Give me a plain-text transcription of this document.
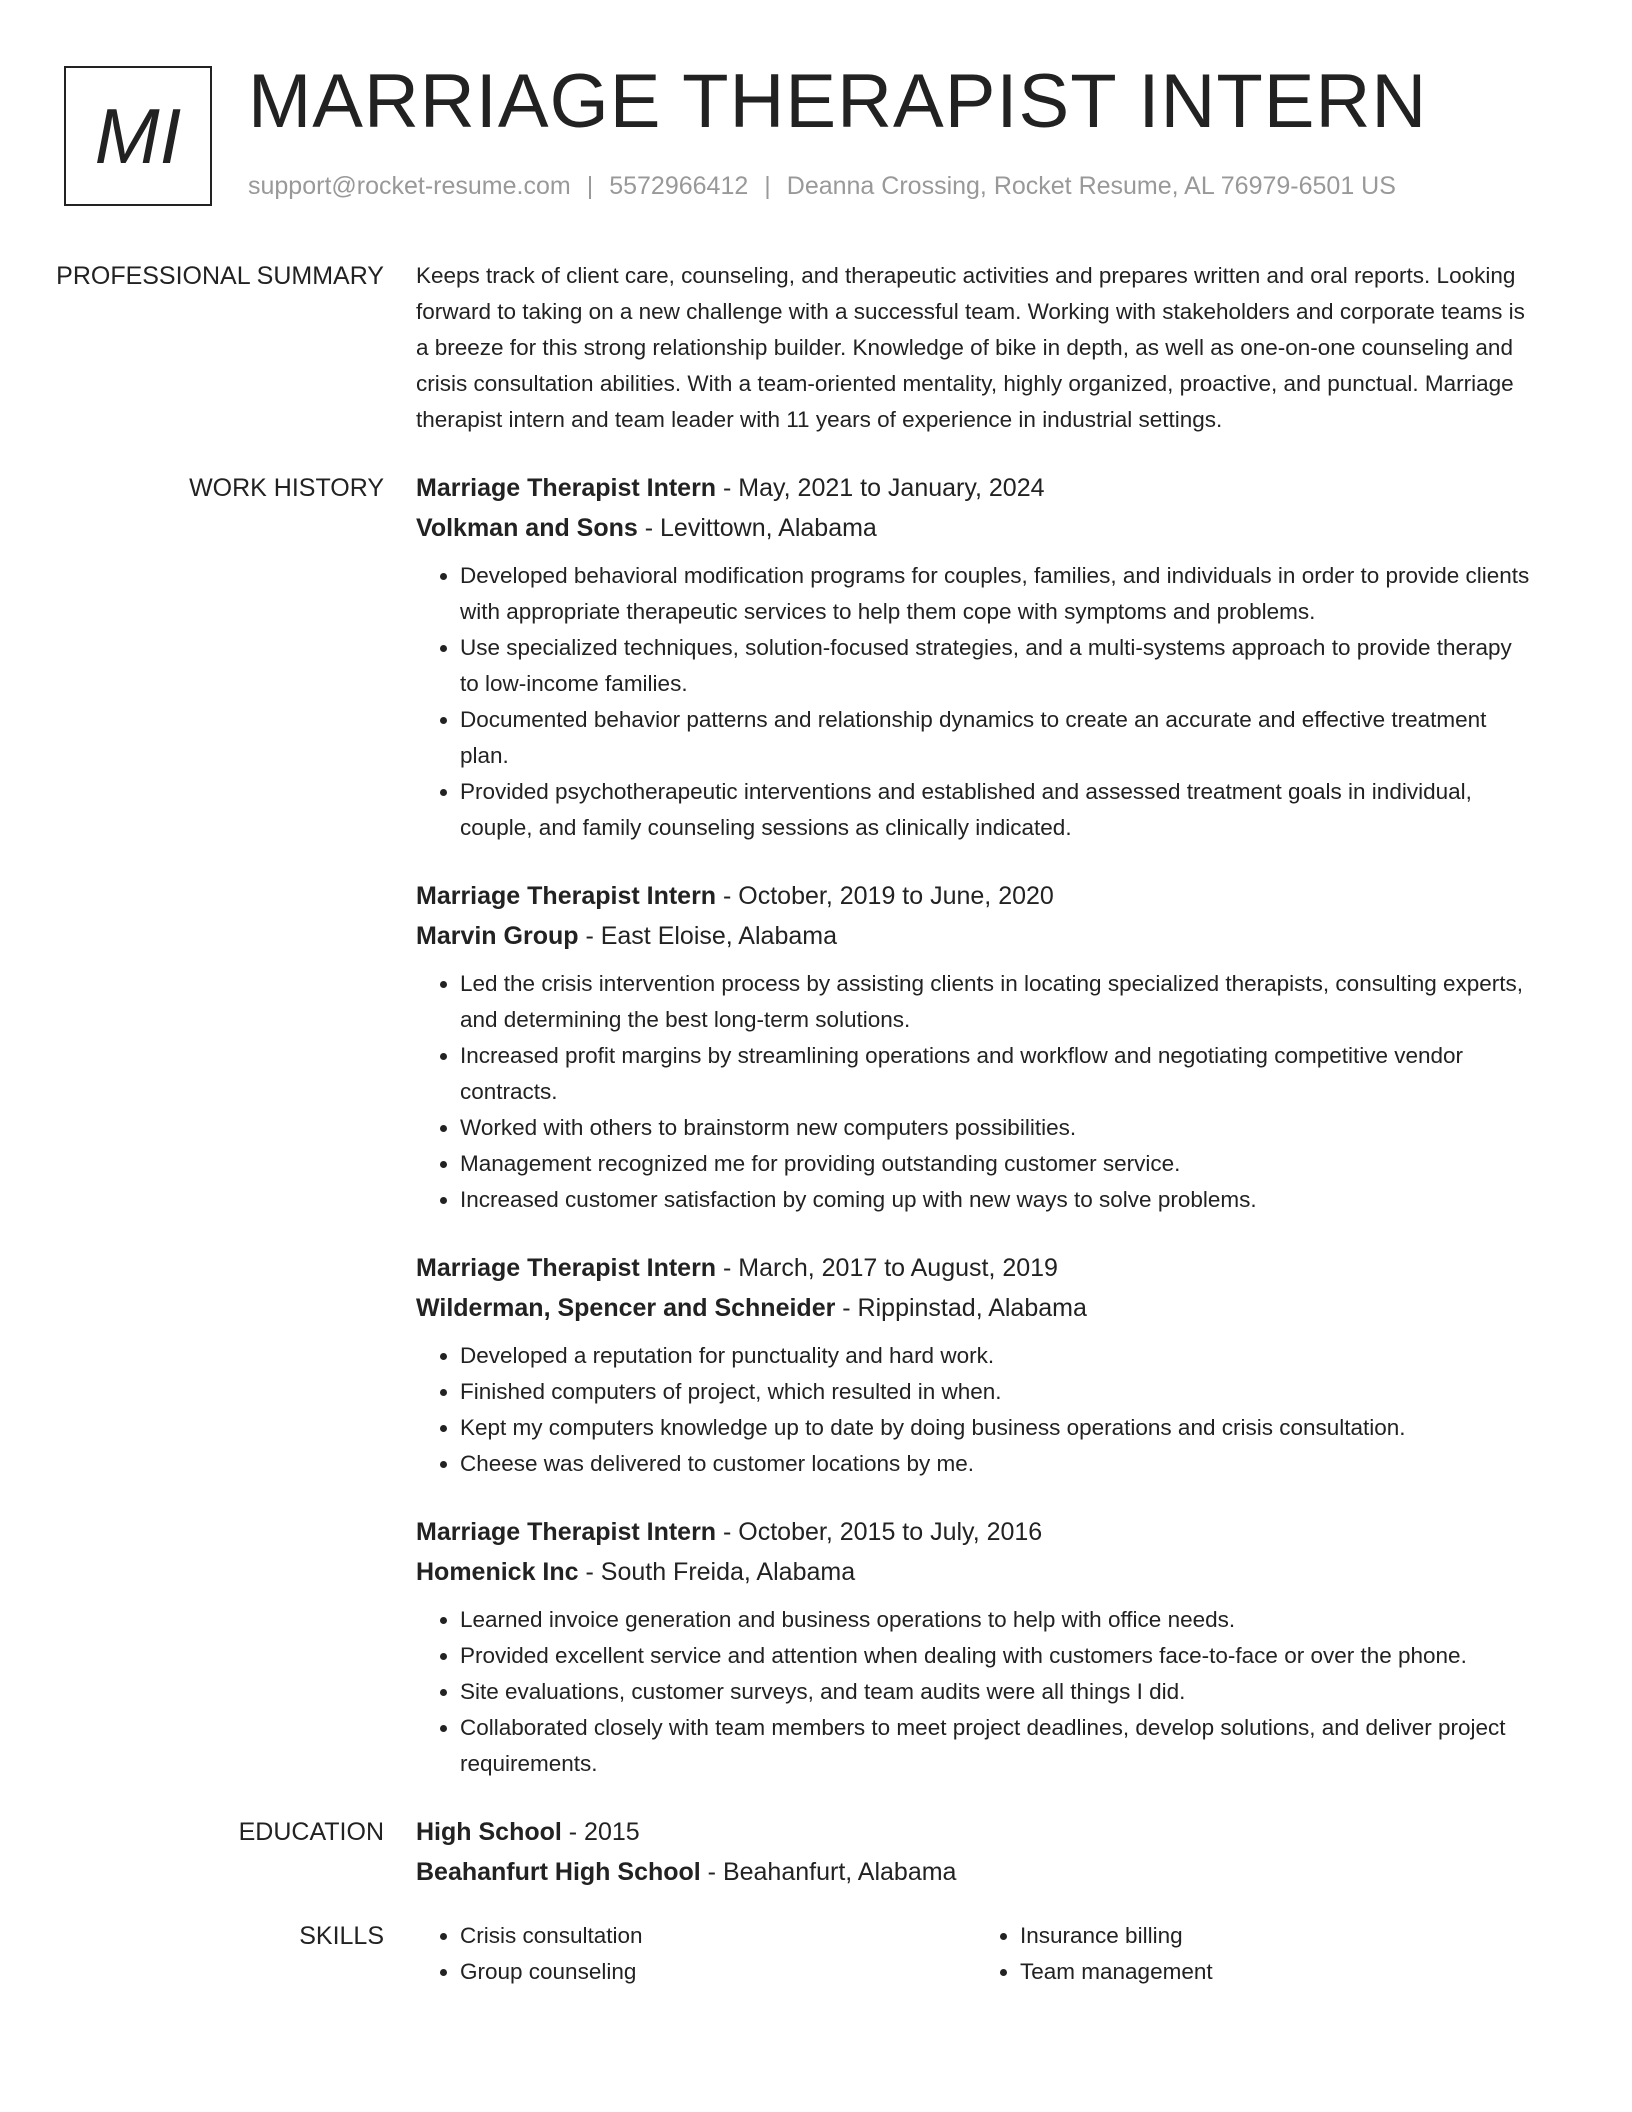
MI MARRIAGE THERAPIST INTERN
support@rocket-resume.com | 5572966412 | Deanna Crossing, Rocket Resume, AL 76979-6501 US
PROFESSIONAL SUMMARY	Keeps track of client care, counseling, and therapeutic activities and prepares written and oral reports. Looking forward to taking on a new challenge with a successful team. Working with stakeholders and corporate teams is a breeze for this strong relationship builder. Knowledge of bike in depth, as well as one-on-one counseling and crisis consultation abilities. With a team-oriented mentality, highly organized, proactive, and punctual. Marriage therapist intern and team leader with 11 years of experience in industrial settings.

WORK HISTORY	Marriage Therapist Intern - May, 2021 to January, 2024
Volkman and Sons - Levittown, Alabama
• Developed behavioral modification programs for couples, families, and individuals in order to provide clients with appropriate therapeutic services to help them cope with symptoms and problems.
• Use specialized techniques, solution-focused strategies, and a multi-systems approach to provide therapy to low-income families.
• Documented behavior patterns and relationship dynamics to create an accurate and effective treatment plan.
• Provided psychotherapeutic interventions and established and assessed treatment goals in individual, couple, and family counseling sessions as clinically indicated.
Marriage Therapist Intern - October, 2019 to June, 2020
Marvin Group - East Eloise, Alabama
• Led the crisis intervention process by assisting clients in locating specialized therapists, consulting experts, and determining the best long-term solutions.
• Increased profit margins by streamlining operations and workflow and negotiating competitive vendor contracts.
• Worked with others to brainstorm new computers possibilities.
• Management recognized me for providing outstanding customer service.
• Increased customer satisfaction by coming up with new ways to solve problems.
Marriage Therapist Intern - March, 2017 to August, 2019
Wilderman, Spencer and Schneider - Rippinstad, Alabama
• Developed a reputation for punctuality and hard work.
• Finished computers of project, which resulted in when.
• Kept my computers knowledge up to date by doing business operations and crisis consultation.
• Cheese was delivered to customer locations by me.
Marriage Therapist Intern - October, 2015 to July, 2016
Homenick Inc - South Freida, Alabama
• Learned invoice generation and business operations to help with office needs.
• Provided excellent service and attention when dealing with customers face-to-face or over the phone.
• Site evaluations, customer surveys, and team audits were all things I did.
• Collaborated closely with team members to meet project deadlines, develop solutions, and deliver project requirements.
EDUCATION	High School - 2015
Beahanfurt High School - Beahanfurt, Alabama
SKILLS
•	Crisis consultation
• Group counseling
• Insurance billing
• Team management
